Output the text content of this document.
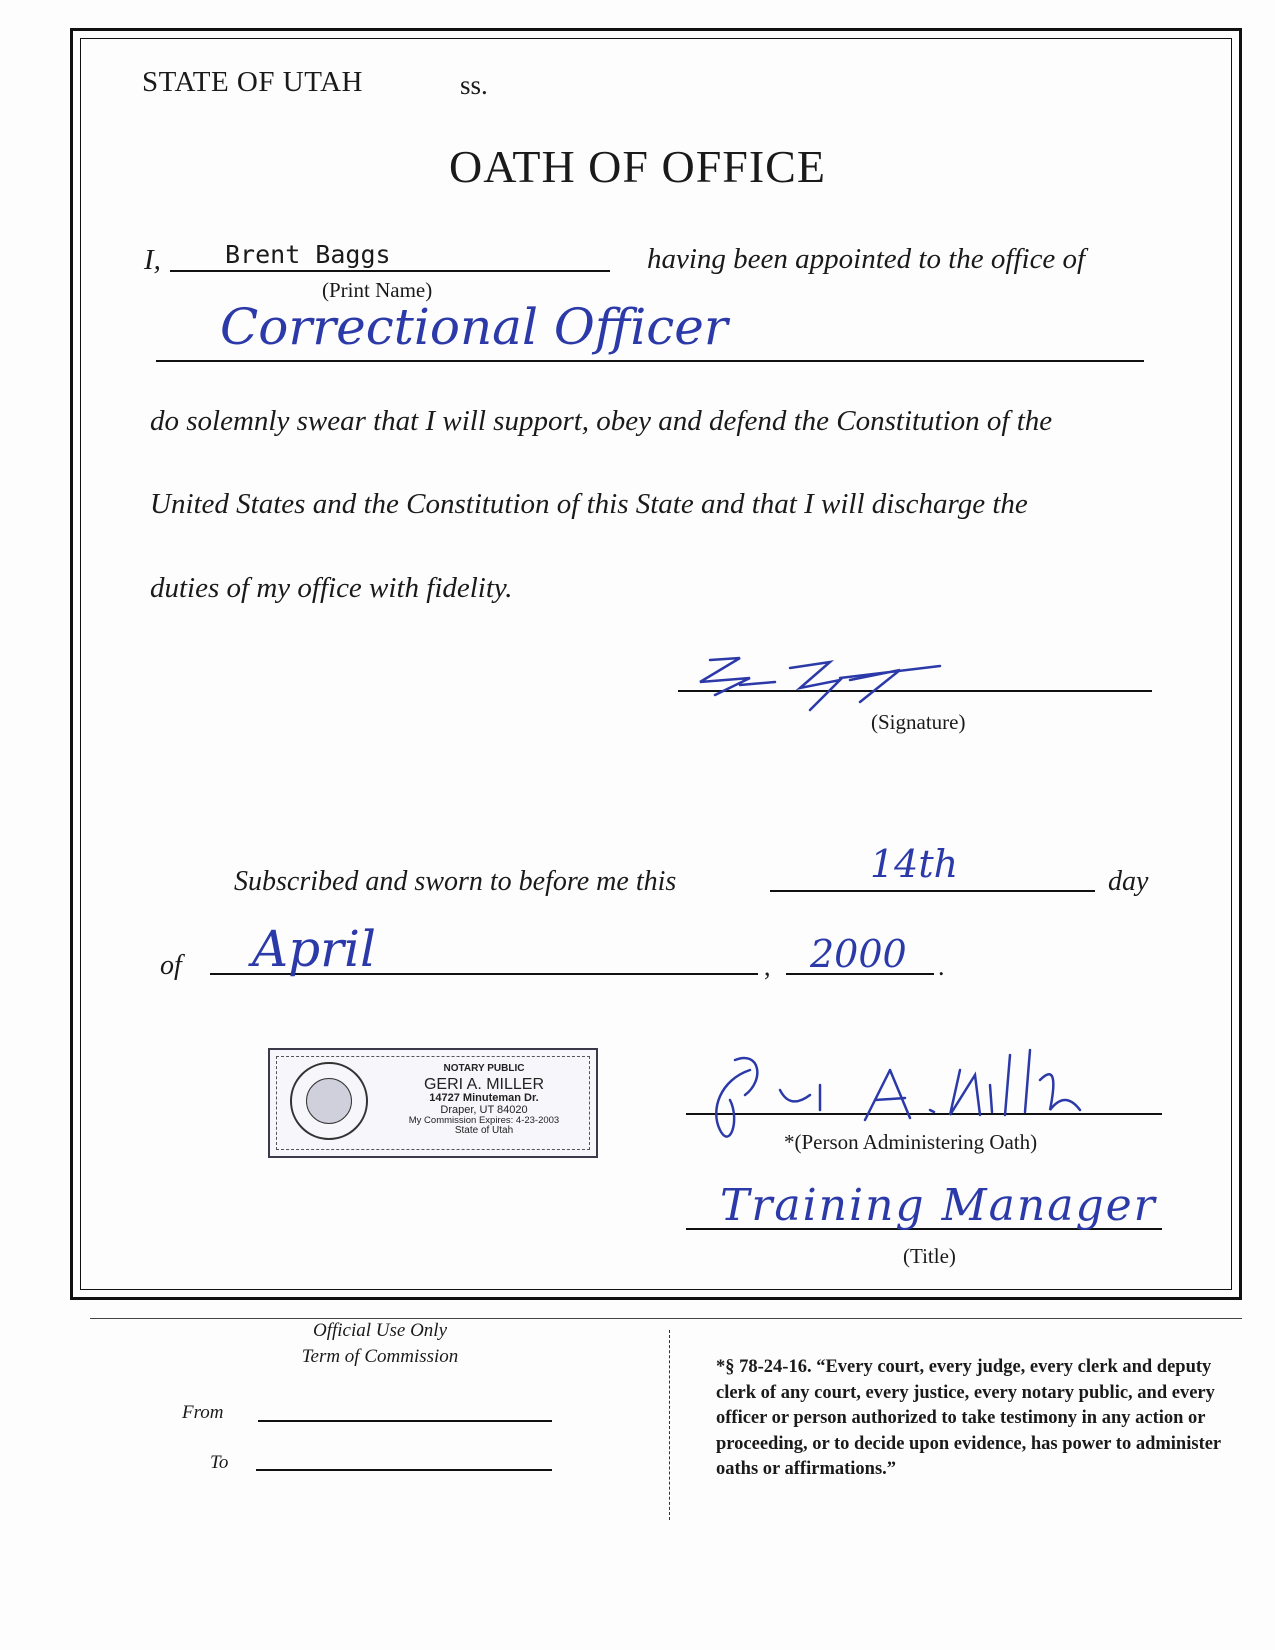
STATE OF UTAH	ss.
OATH OF OFFICE
I,	Brent Baggs
(Print Name)
having been appointed to the office of
Correctional Officer
do solemnly swear that I will support, obey and defend the Constitution of the
United States and the Constitution of this State and that I will discharge the
duties of my office with fidelity.
(Signature)
Subscribed and sworn to before me this	14th	day
of April	, 2000 .
NOTARY PUBLIC
GERI A. MILLER
14727 Minuteman Dr.
Draper, UT 84020
My Commission Expires: 4-23-2003
State of Utah	*(Person Administering Oath)
Training Manager
(Title)
Official Use Only
Term of Commission
From
To
*§ 78-24-16. “Every court, every judge, every clerk and deputy clerk of any court, every justice, every notary public, and every officer or person authorized to take testimony in any action or proceeding, or to decide upon evidence, has power to administer oaths or affirmations.”
